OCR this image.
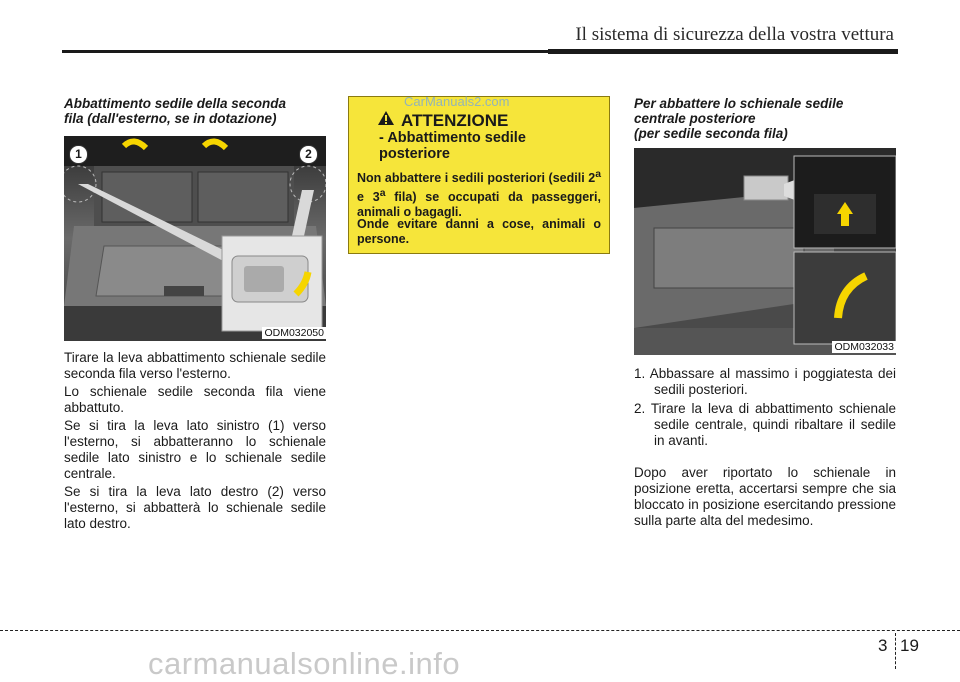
Il sistema di sicurezza della vostra vettura
Abbattimento sedile della seconda fila (dall'esterno, se in dotazione)
1	2
ODM032050
Tirare la leva abbattimento schienale sedile seconda fila verso l'esterno.
Lo schienale sedile seconda fila viene abbattuto.
Se si tira la leva lato sinistro (1) verso l'esterno, si abbatteranno lo schienale sedile lato sinistro e lo schienale sedile centrale.
Se si tira la leva lato destro (2) verso l'esterno, si abbatterà lo schienale sedile lato destro.
ATTENZIONE
- Abbattimento sedile posteriore
Non abbattere i sedili posteriori (sedili 2$^a$ e 3$^a$ fila) se occupati da passeggeri, animali o bagagli.
Onde evitare danni a cose, animali o persone.
CarManuals2.com	Per abbattere lo schienale sedile
centrale posteriore
(per sedile seconda fila)
ODM032033
1. Abbassare al massimo i poggiatesta dei sedili posteriori.
2. Tirare la leva di abbattimento schienale sedile centrale, quindi ribaltare il sedile in avanti.
Dopo aver riportato lo schienale in posizione eretta, accertarsi sempre che sia bloccato in posizione esercitando pressione sulla parte alta del medesimo.
3 19
carmanualsonline.info
